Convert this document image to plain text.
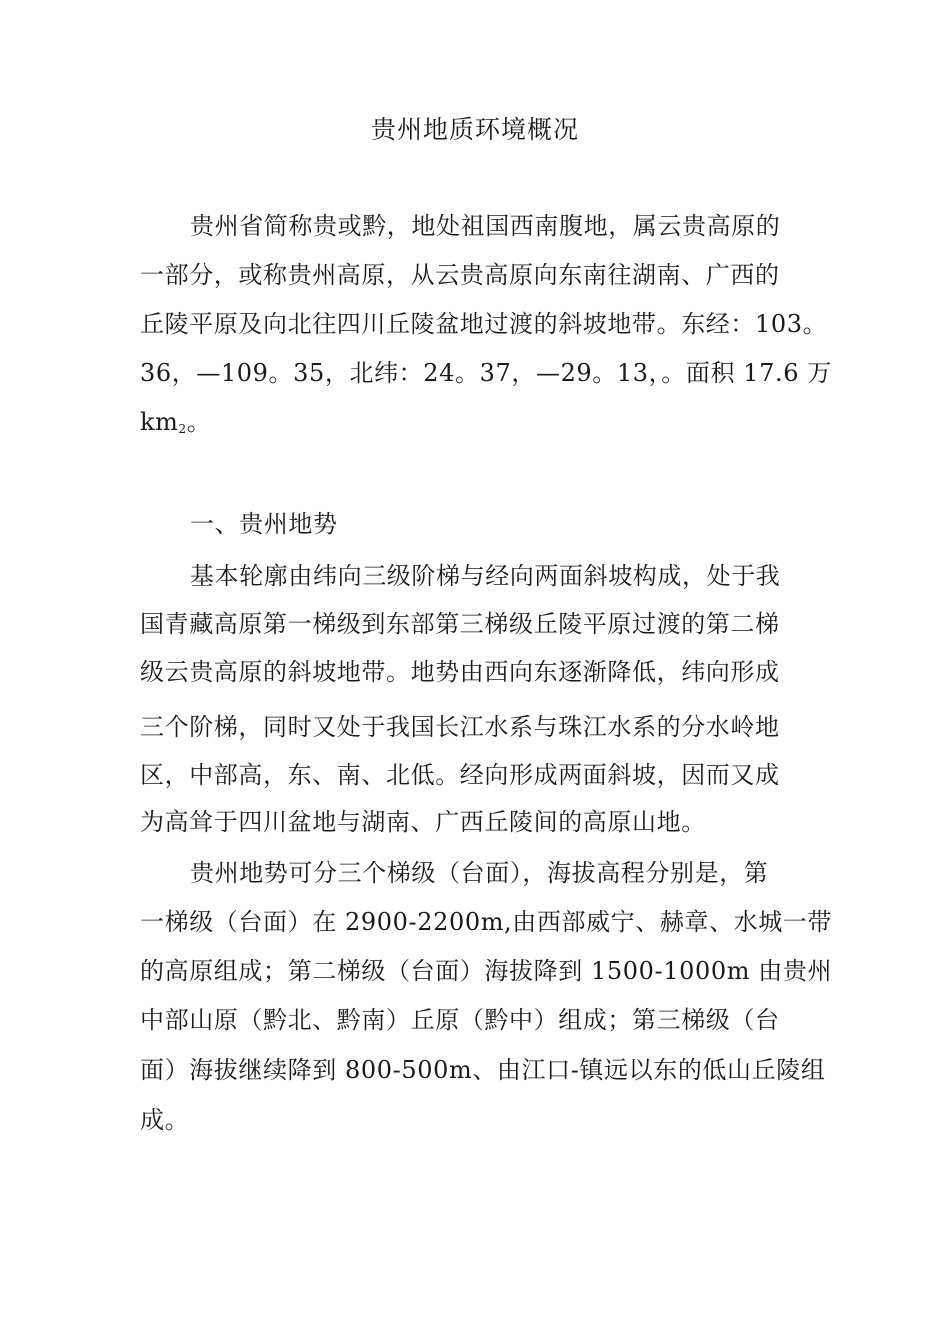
贵州地质环境概况
贵州省简称贵或黔，地处祖国西南腹地，属云贵高原的
一部分，或称贵州高原，从云贵高原向东南往湖南、广西的
丘陵平原及向北往四川丘陵盆地过渡的斜坡地带。东经：103。
36，—109。35，北纬：24。37，—29。13，。面积 17.6 万
$km_2$。
一、贵州地势
基本轮廓由纬向三级阶梯与经向两面斜坡构成，处于我
国青藏高原第一梯级到东部第三梯级丘陵平原过渡的第二梯
级云贵高原的斜坡地带。地势由西向东逐渐降低，纬向形成
三个阶梯，同时又处于我国长江水系与珠江水系的分水岭地
区，中部高，东、南、北低。经向形成两面斜坡，因而又成
为高耸于四川盆地与湖南、广西丘陵间的高原山地。
贵州地势可分三个梯级（台面），海拔高程分别是，第
一梯级（台面）在 2900-2200m,由西部威宁、赫章、水城一带
的高原组成；第二梯级（台面）海拔降到 1500-1000m 由贵州
中部山原（黔北、黔南）丘原（黔中）组成；第三梯级（台
面）海拔继续降到 800-500m、由江口-镇远以东的低山丘陵组
成。
